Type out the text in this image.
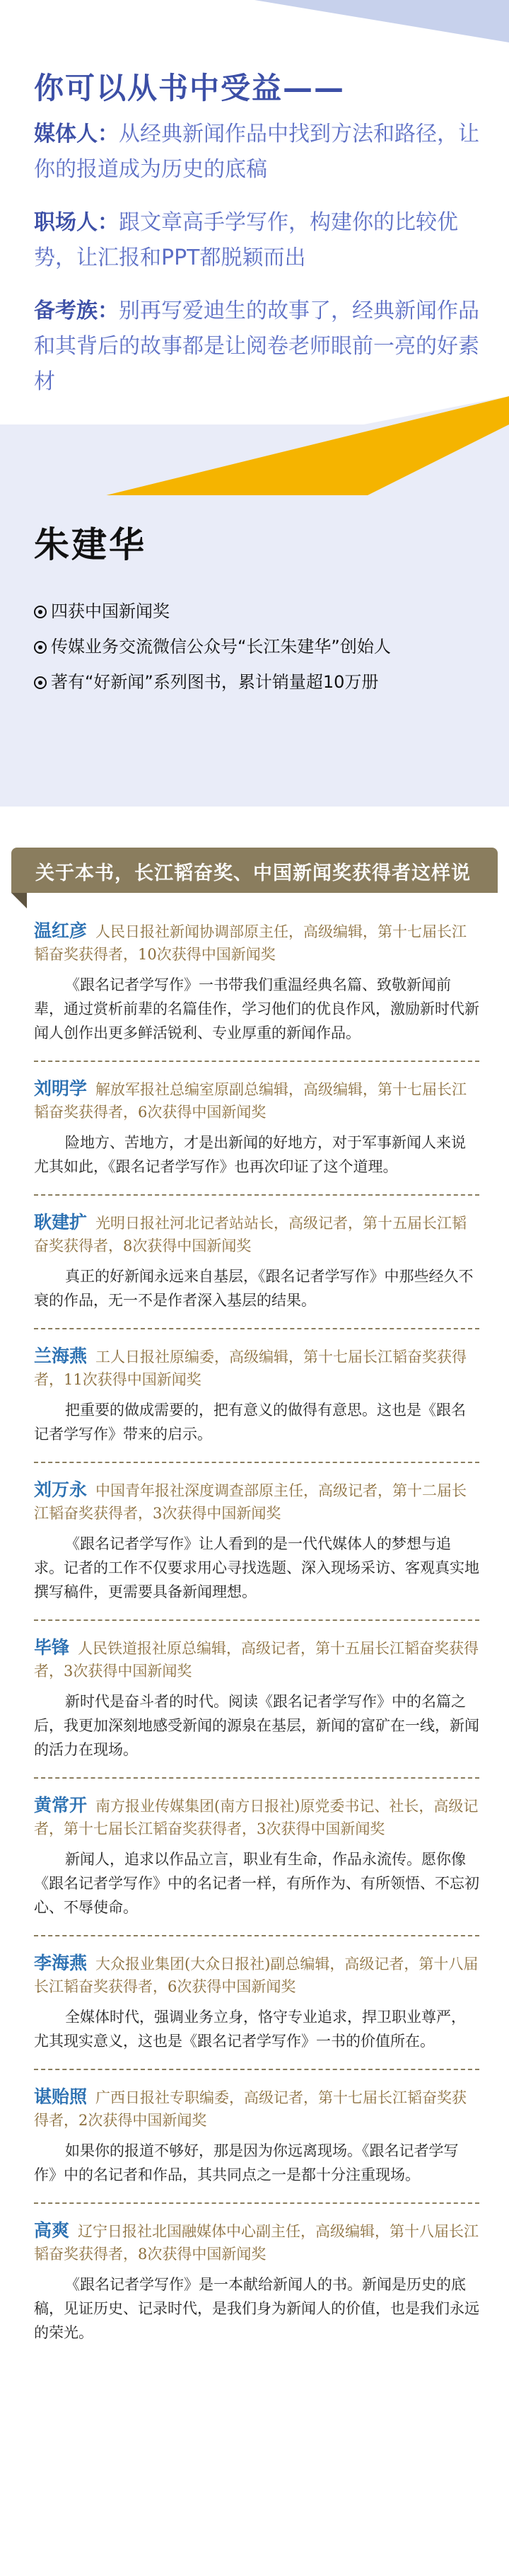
你可以从书中受益——
媒体人：从经典新闻作品中找到方法和路径，让你的报道成为历史的底稿
职场人：跟文章高手学写作，构建你的比较优势，让汇报和PPT都脱颖而出
备考族：别再写爱迪生的故事了，经典新闻作品和其背后的故事都是让阅卷老师眼前一亮的好素材
朱建华
四获中国新闻奖
传媒业务交流微信公众号“长江朱建华”创始人
著有“好新闻”系列图书，累计销量超10万册
关于本书，长江韬奋奖、中国新闻奖获得者这样说
温红彦 人民日报社新闻协调部原主任，高级编辑，第十七届长江韬奋奖获得者，10次获得中国新闻奖
《跟名记者学写作》一书带我们重温经典名篇、致敬新闻前辈，通过赏析前辈的名篇佳作，学习他们的优良作风，激励新时代新闻人创作出更多鲜活锐利、专业厚重的新闻作品。
刘明学 解放军报社总编室原副总编辑，高级编辑，第十七届长江韬奋奖获得者，6次获得中国新闻奖
险地方、苦地方，才是出新闻的好地方，对于军事新闻人来说尤其如此，《跟名记者学写作》也再次印证了这个道理。
耿建扩 光明日报社河北记者站站长，高级记者，第十五届长江韬奋奖获得者，8次获得中国新闻奖
真正的好新闻永远来自基层，《跟名记者学写作》中那些经久不衰的作品，无一不是作者深入基层的结果。
兰海燕 工人日报社原编委，高级编辑，第十七届长江韬奋奖获得者，11次获得中国新闻奖
把重要的做成需要的，把有意义的做得有意思。这也是《跟名记者学写作》带来的启示。
刘万永 中国青年报社深度调查部原主任，高级记者，第十二届长江韬奋奖获得者，3次获得中国新闻奖
《跟名记者学写作》让人看到的是一代代媒体人的梦想与追求。记者的工作不仅要求用心寻找选题、深入现场采访、客观真实地撰写稿件，更需要具备新闻理想。
毕锋 人民铁道报社原总编辑，高级记者，第十五届长江韬奋奖获得者，3次获得中国新闻奖
新时代是奋斗者的时代。阅读《跟名记者学写作》中的名篇之后，我更加深刻地感受新闻的源泉在基层，新闻的富矿在一线，新闻的活力在现场。
黄常开 南方报业传媒集团(南方日报社)原党委书记、社长，高级记者，第十七届长江韬奋奖获得者，3次获得中国新闻奖
新闻人，追求以作品立言，职业有生命，作品永流传。愿你像《跟名记者学写作》中的名记者一样，有所作为、有所领悟、不忘初心、不辱使命。
李海燕 大众报业集团(大众日报社)副总编辑，高级记者，第十八届长江韬奋奖获得者，6次获得中国新闻奖
全媒体时代，强调业务立身，恪守专业追求，捍卫职业尊严，尤其现实意义，这也是《跟名记者学写作》一书的价值所在。
谌贻照 广西日报社专职编委，高级记者，第十七届长江韬奋奖获得者，2次获得中国新闻奖
如果你的报道不够好，那是因为你远离现场。《跟名记者学写作》中的名记者和作品，其共同点之一是都十分注重现场。
高爽 辽宁日报社北国融媒体中心副主任，高级编辑，第十八届长江韬奋奖获得者，8次获得中国新闻奖
《跟名记者学写作》是一本献给新闻人的书。新闻是历史的底稿，见证历史、记录时代，是我们身为新闻人的价值，也是我们永远的荣光。
